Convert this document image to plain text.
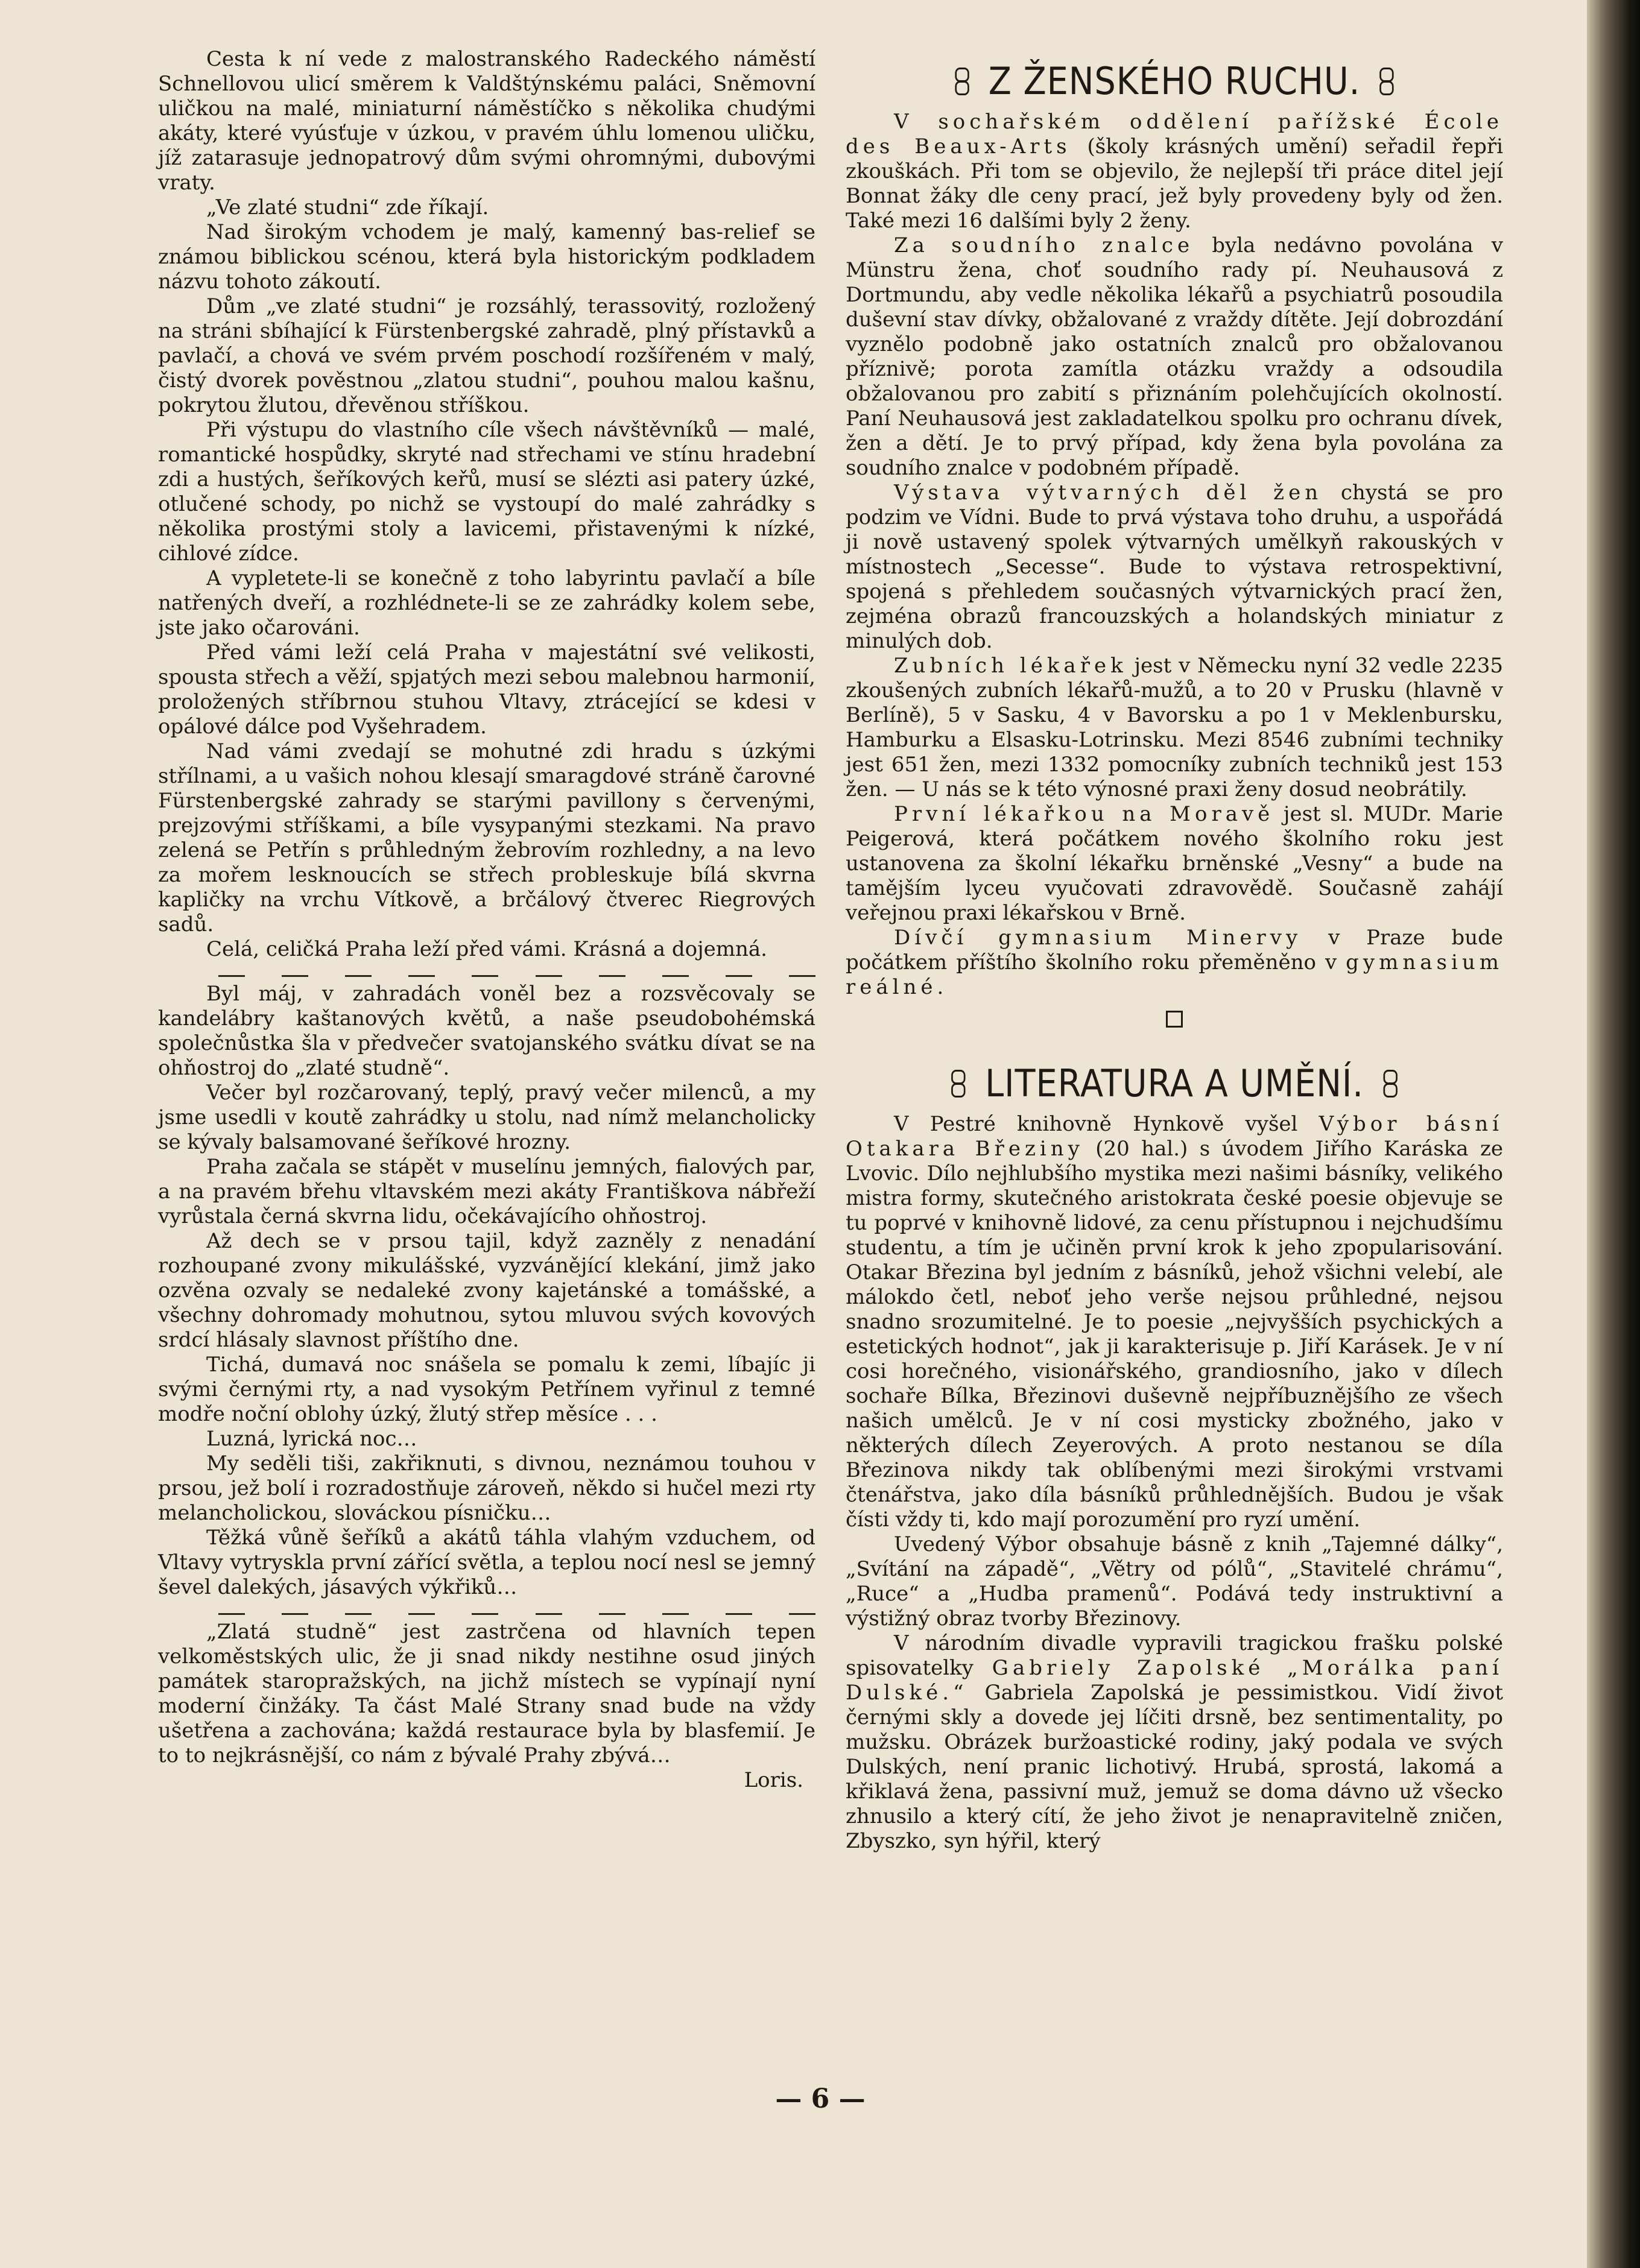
Cesta k ní vede z malostranského Radeckého náměstí Schnellovou ulicí směrem k Valdštýnskému paláci, Sněmovní uličkou na malé, miniaturní náměstíčko s několika chudými akáty, které vyúsťuje v úzkou, v pravém úhlu lomenou uličku, jíž zatarasuje jednopatrový dům svými ohromnými, dubovými vraty.

„Ve zlaté studni“ zde říkají.

Nad širokým vchodem je malý, kamenný bas-relief se známou biblickou scénou, která byla historickým podkladem názvu tohoto zákoutí.

Dům „ve zlaté studni“ je rozsáhlý, terassovitý, rozložený na stráni sbíhající k Fürstenbergské zahradě, plný přístavků a pavlačí, a chová ve svém prvém poschodí rozšířeném v malý, čistý dvorek pověstnou „zlatou studni“, pouhou malou kašnu, pokrytou žlutou, dřevěnou stříškou.

Při výstupu do vlastního cíle všech návštěvníků — malé, romantické hospůdky, skryté nad střechami ve stínu hradební zdi a hustých, šeříkových keřů, musí se slézti asi patery úzké, otlučené schody, po nichž se vystoupí do malé zahrádky s několika prostými stoly a lavicemi, přistavenými k nízké, cihlové zídce.

A vypletete-li se konečně z toho labyrintu pavlačí a bíle natřených dveří, a rozhlédnete-li se ze zahrádky kolem sebe, jste jako očarováni.

Před vámi leží celá Praha v majestátní své velikosti, spousta střech a věží, spjatých mezi sebou malebnou harmonií, proložených stříbrnou stuhou Vltavy, ztrácející se kdesi v opálové dálce pod Vyšehradem.

Nad vámi zvedají se mohutné zdi hradu s úzkými střílnami, a u vašich nohou klesají smaragdové stráně čarovné Fürstenbergské zahrady se starými pavillony s červenými, prejzovými stříškami, a bíle vysypanými stezkami. Na pravo zelená se Petřín s průhledným žebrovím rozhledny, a na levo za mořem lesknoucích se střech probleskuje bílá skvrna kapličky na vrchu Vítkově, a brčálový čtverec Riegrových sadů.

Celá, celičká Praha leží před vámi. Krásná a dojemná.

Byl máj, v zahradách voněl bez a rozsvěcovaly se kandelábry kaštanových květů, a naše pseudobohémská společnůstka šla v předvečer svatojanského svátku dívat se na ohňostroj do „zlaté studně“.

Večer byl rozčarovaný, teplý, pravý večer milenců, a my jsme usedli v koutě zahrádky u stolu, nad nímž melancholicky se kývaly balsamované šeříkové hrozny.

Praha začala se stápět v muselínu jemných, fialových par, a na pravém břehu vltavském mezi akáty Františkova nábřeží vyrůstala černá skvrna lidu, očekávajícího ohňostroj.

Až dech se v prsou tajil, když zazněly z nenadání rozhoupané zvony mikulášské, vyzvánějící klekání, jimž jako ozvěna ozvaly se nedaleké zvony kajetánské a tomášské, a všechny dohromady mohutnou, sytou mluvou svých kovových srdcí hlásaly slavnost příštího dne.

Tichá, dumavá noc snášela se pomalu k zemi, líbajíc ji svými černými rty, a nad vysokým Petřínem vyřinul z temné modře noční oblohy úzký, žlutý střep měsíce . . .

Luzná, lyrická noc…

My seděli tiši, zakřiknuti, s divnou, neznámou touhou v prsou, jež bolí i rozradostňuje zároveň, někdo si hučel mezi rty melancholickou, slováckou písničku…

Těžká vůně šeříků a akátů táhla vlahým vzduchem, od Vltavy vytryskla první zářící světla, a teplou nocí nesl se jemný ševel dalekých, jásavých výkřiků…

„Zlatá studně“ jest zastrčena od hlavních tepen velkoměstských ulic, že ji snad nikdy nestihne osud jiných památek staropražských, na jichž místech se vypínají nyní moderní činžáky. Ta část Malé Strany snad bude na vždy ušetřena a zachována; každá restaurace byla by blasfemií. Je to to nejkrásnější, co nám z bývalé Prahy zbývá…

Loris.
Z ŽENSKÉHO RUCHU.

V sochařském oddělení pařížské École des Beaux-Arts (školy krásných umění) seřadil řepři zkouškách. Při tom se objevilo, že nejlepší tři práce ditel její Bonnat žáky dle ceny prací, jež byly provedeny byly od žen. Také mezi 16 dalšími byly 2 ženy.

Za soudního znalce byla nedávno povolána v Münstru žena, choť soudního rady pí. Neuhausová z Dortmundu, aby vedle několika lékařů a psychiatrů posoudila duševní stav dívky, obžalované z vraždy dítěte. Její dobrozdání vyznělo podobně jako ostatních znalců pro obžalovanou příznivě; porota zamítla otázku vraždy a odsoudila obžalovanou pro zabití s přiznáním polehčujících okolností. Paní Neuhausová jest zakladatelkou spolku pro ochranu dívek, žen a dětí. Je to prvý případ, kdy žena byla povolána za soudního znalce v podobném případě.

Výstava výtvarných děl žen chystá se pro podzim ve Vídni. Bude to prvá výstava toho druhu, a uspořádá ji nově ustavený spolek výtvarných umělkyň rakouských v místnostech „Secesse“. Bude to výstava retrospektivní, spojená s přehledem současných výtvarnických prací žen, zejména obrazů francouzských a holandských miniatur z minulých dob.

Zubních lékařek jest v Německu nyní 32 vedle 2235 zkoušených zubních lékařů-mužů, a to 20 v Prusku (hlavně v Berlíně), 5 v Sasku, 4 v Bavorsku a po 1 v Meklenbursku, Hamburku a Elsasku-Lotrinsku. Mezi 8546 zubními techniky jest 651 žen, mezi 1332 pomocníky zubních techniků jest 153 žen. — U nás se k této výnosné praxi ženy dosud neobrátily.

První lékařkou na Moravě jest sl. MUDr. Marie Peigerová, která počátkem nového školního roku jest ustanovena za školní lékařku brněnské „Vesny“ a bude na tamějším lyceu vyučovati zdravovědě. Současně zahájí veřejnou praxi lékařskou v Brně.

Dívčí gymnasium Minervy v Praze bude počátkem příštího školního roku přeměněno v gymnasium reálné.

LITERATURA A UMĚNÍ.

V Pestré knihovně Hynkově vyšel Výbor básní Otakara Březiny (20 hal.) s úvodem Jiřího Karáska ze Lvovic. Dílo nejhlubšího mystika mezi našimi básníky, velikého mistra formy, skutečného aristokrata české poesie objevuje se tu poprvé v knihovně lidové, za cenu přístupnou i nejchudšímu studentu, a tím je učiněn první krok k jeho zpopularisování. Otakar Březina byl jedním z básníků, jehož všichni velebí, ale málokdo četl, neboť jeho verše nejsou průhledné, nejsou snadno srozumitelné. Je to poesie „nejvyšších psychických a estetických hodnot“, jak ji karakterisuje p. Jiří Karásek. Je v ní cosi horečného, visionářského, grandiosního, jako v dílech sochaře Bílka, Březinovi duševně nejpříbuznějšího ze všech našich umělců. Je v ní cosi mysticky zbožného, jako v některých dílech Zeyerových. A proto nestanou se díla Březinova nikdy tak oblíbenými mezi širokými vrstvami čtenářstva, jako díla básníků průhlednějších. Budou je však čísti vždy ti, kdo mají porozumění pro ryzí umění.

Uvedený Výbor obsahuje básně z knih „Tajemné dálky“, „Svítání na západě“, „Větry od pólů“, „Stavitelé chrámu“, „Ruce“ a „Hudba pramenů“. Podává tedy instruktivní a výstižný obraz tvorby Březinovy.

V národním divadle vypravili tragickou frašku polské spisovatelky Gabriely Zapolské „Morálka paní Dulské.“ Gabriela Zapolská je pessimistkou. Vidí život černými skly a dovede jej líčiti drsně, bez sentimentality, po mužsku. Obrázek buržoastické rodiny, jaký podala ve svých Dulských, není pranic lichotivý. Hrubá, sprostá, lakomá a křiklavá žena, passivní muž, jemuž se doma dávno už všecko zhnusilo a který cítí, že jeho život je nenapravitelně zničen, Zbyszko, syn hýřil, který

— 6 —
